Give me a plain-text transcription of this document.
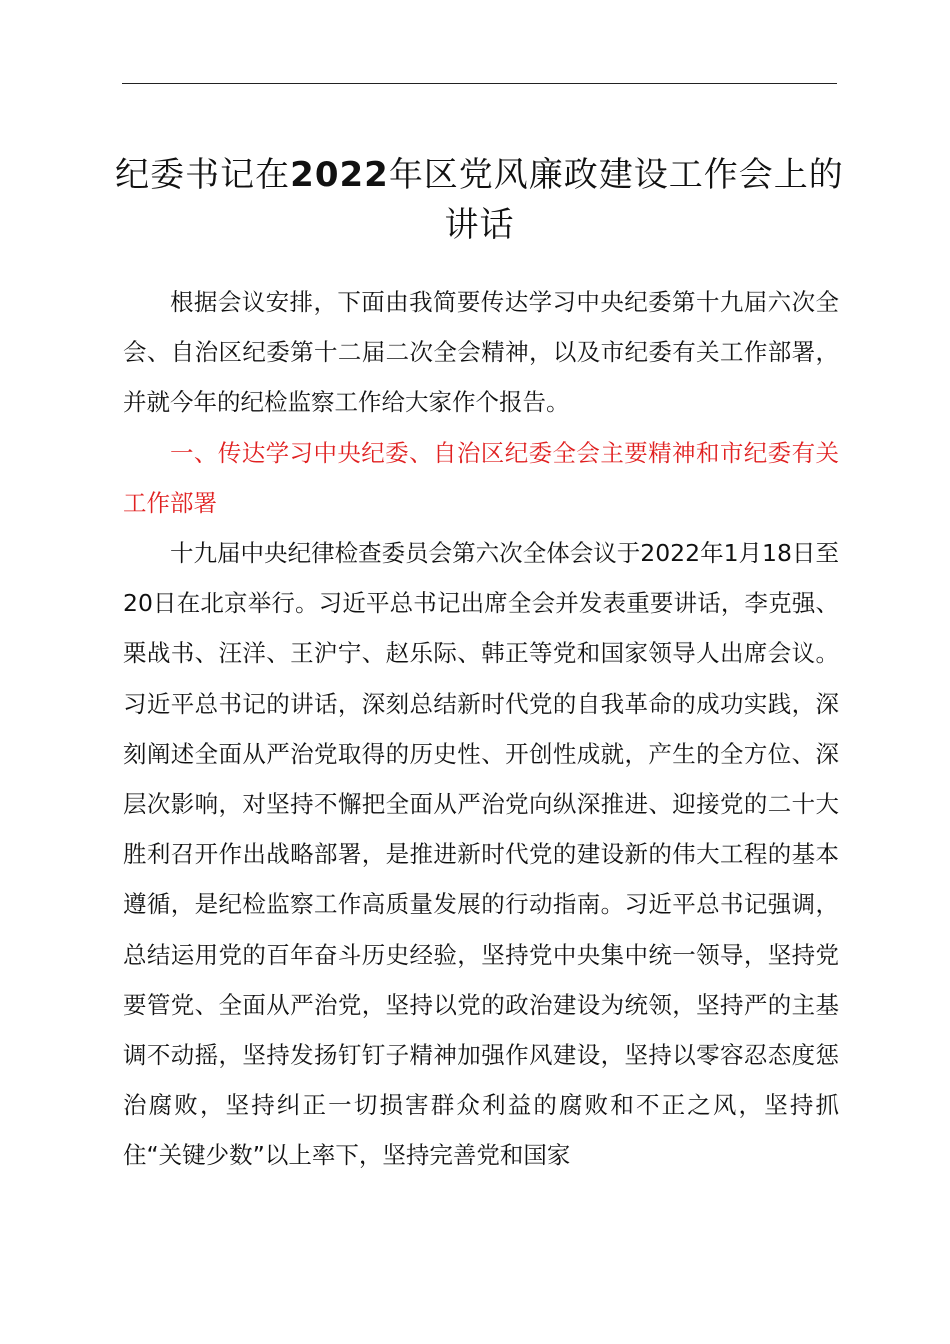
纪委书记在2022年区党风廉政建设工作会上的讲话

根据会议安排，下面由我简要传达学习中央纪委第十九届六次全会、自治区纪委第十二届二次全会精神，以及市纪委有关工作部署，并就今年的纪检监察工作给大家作个报告。

一、传达学习中央纪委、自治区纪委全会主要精神和市纪委有关工作部署

十九届中央纪律检查委员会第六次全体会议于2022年1月18日至20日在北京举行。习近平总书记出席全会并发表重要讲话，李克强、栗战书、汪洋、王沪宁、赵乐际、韩正等党和国家领导人出席会议。习近平总书记的讲话，深刻总结新时代党的自我革命的成功实践，深刻阐述全面从严治党取得的历史性、开创性成就，产生的全方位、深层次影响，对坚持不懈把全面从严治党向纵深推进、迎接党的二十大胜利召开作出战略部署，是推进新时代党的建设新的伟大工程的基本遵循，是纪检监察工作高质量发展的行动指南。习近平总书记强调，总结运用党的百年奋斗历史经验，坚持党中央集中统一领导，坚持党要管党、全面从严治党，坚持以党的政治建设为统领，坚持严的主基调不动摇，坚持发扬钉钉子精神加强作风建设，坚持以零容忍态度惩治腐败，坚持纠正一切损害群众利益的腐败和不正之风，坚持抓住“关键少数”以上率下，坚持完善党和国家
